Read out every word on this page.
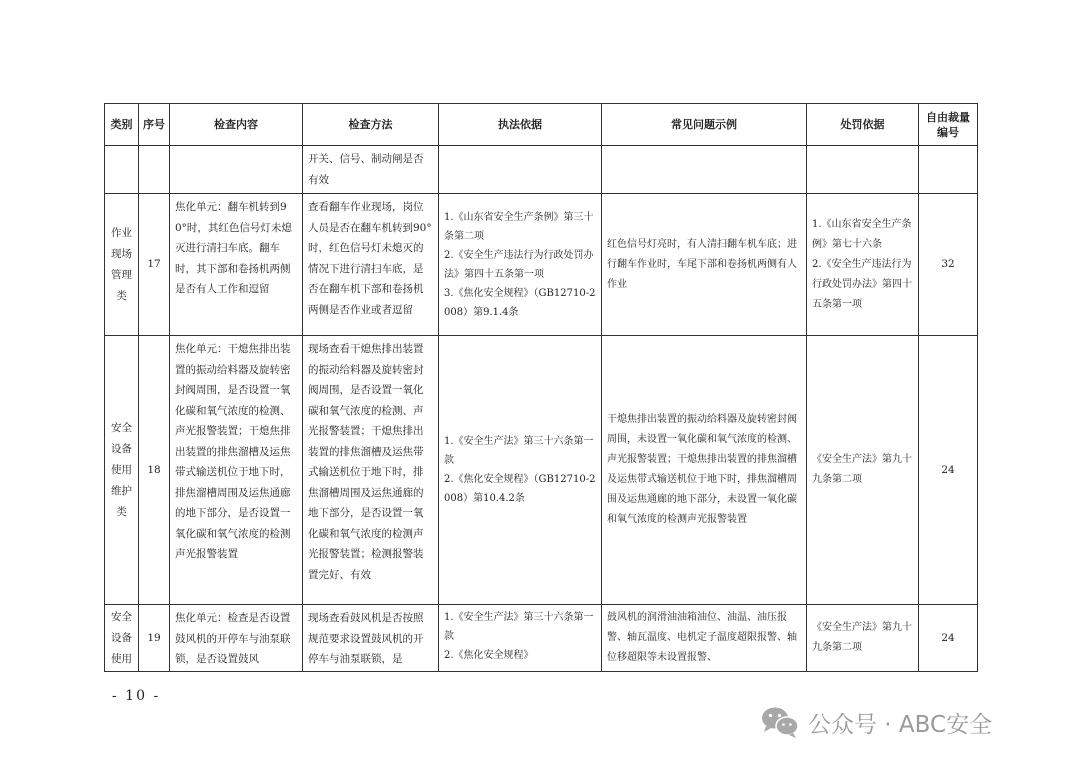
类别	序号	检查内容	检查方法	执法依据	常见问题示例	处罚依据	自由裁量编号
			开关、信号、制动闸是否有效				
作业现场管理类	17	焦化单元：翻车机转到90°时，其红色信号灯未熄灭进行清扫车底。翻车时，其下部和卷扬机两侧是否有人工作和逗留	查看翻车作业现场，岗位人员是否在翻车机转到90°时，红色信号灯未熄灭的情况下进行清扫车底，是否在翻车机下部和卷扬机两侧是否作业或者逗留	1.《山东省安全生产条例》第三十条第二项
2.《安全生产违法行为行政处罚办法》第四十五条第一项
3.《焦化安全规程》（GB12710-2008）第9.1.4条	红色信号灯亮时，有人清扫翻车机车底；进行翻车作业时，车尾下部和卷扬机两侧有人作业	1.《山东省安全生产条例》第七十六条
2.《安全生产违法行为行政处罚办法》第四十五条第一项	32
安全设备使用维护类	18	焦化单元：干熄焦排出装置的振动给料器及旋转密封阀周围，是否设置一氧化碳和氧气浓度的检测、声光报警装置；干熄焦排出装置的排焦溜槽及运焦带式输送机位于地下时，排焦溜槽周围及运焦通廊的地下部分，是否设置一氧化碳和氧气浓度的检测声光报警装置	现场查看干熄焦排出装置的振动给料器及旋转密封阀周围，是否设置一氧化碳和氧气浓度的检测、声光报警装置；干熄焦排出装置的排焦溜槽及运焦带式输送机位于地下时，排焦溜槽周围及运焦通廊的地下部分，是否设置一氧化碳和氧气浓度的检测声光报警装置；检测报警装置完好、有效	1.《安全生产法》第三十六条第一款
2.《焦化安全规程》（GB12710-2008）第10.4.2条	干熄焦排出装置的振动给料器及旋转密封阀周围，未设置一氧化碳和氧气浓度的检测、声光报警装置；干熄焦排出装置的排焦溜槽及运焦带式输送机位于地下时，排焦溜槽周围及运焦通廊的地下部分，未设置一氧化碳和氧气浓度的检测声光报警装置	《安全生产法》第九十九条第二项	24

安全设备使用	19	焦化单元：检查是否设置鼓风机的开停车与油泵联锁，是否设置鼓风	现场查看鼓风机是否按照规范要求设置鼓风机的开停车与油泵联锁，是	1.《安全生产法》第三十六条第一款
2.《焦化安全规程》	鼓风机的润滑油油箱油位、油温、油压报警、轴瓦温度、电机定子温度超限报警、轴位移超限等未设置报警、	《安全生产法》第九十九条第二项	24
- 10 -
公众号 · ABC安全
